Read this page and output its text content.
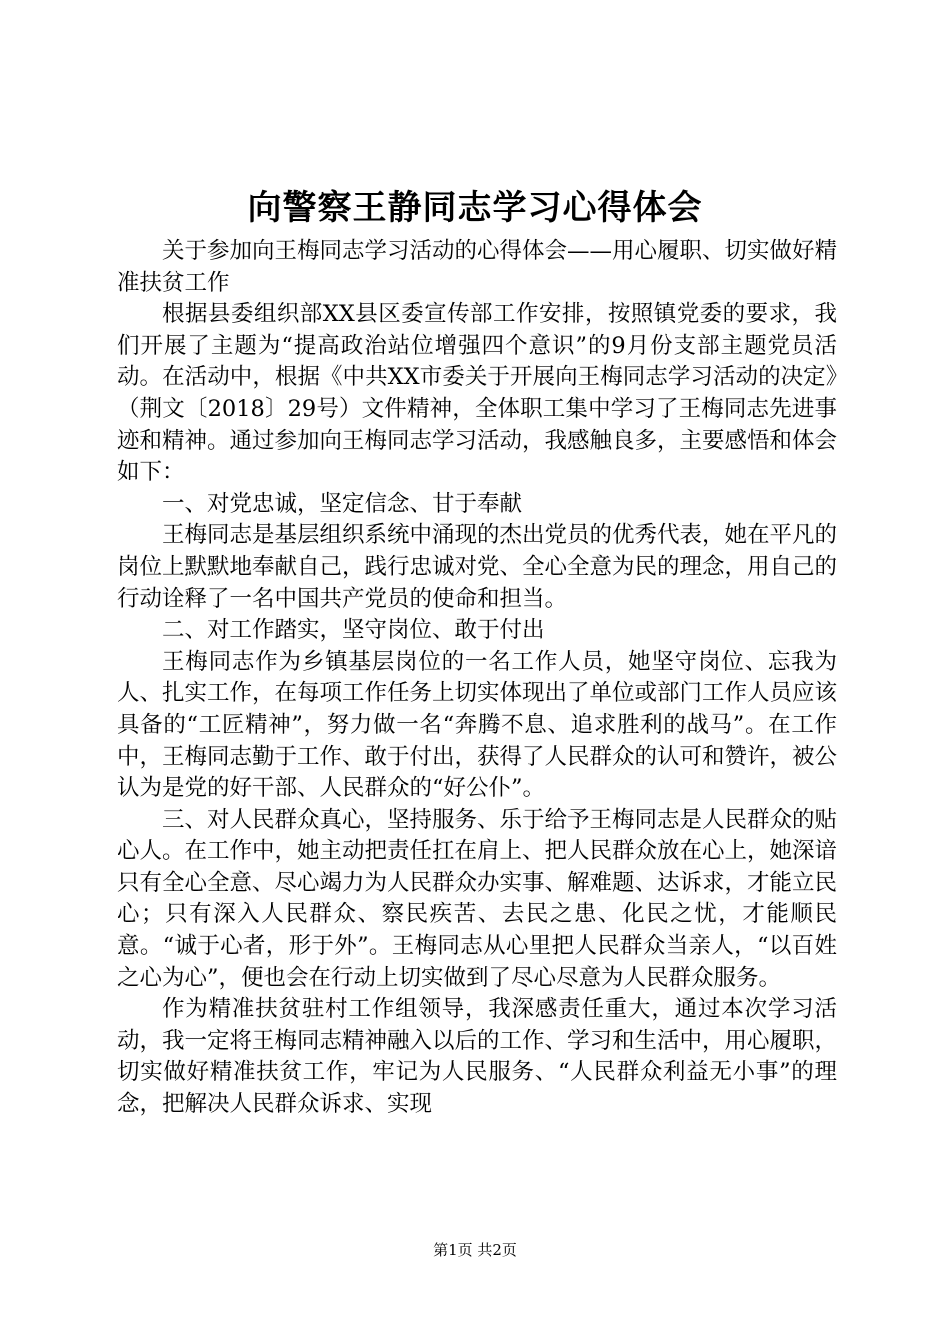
向警察王静同志学习心得体会

关于参加向王梅同志学习活动的心得体会——用心履职、切实做好精准扶贫工作

根据县委组织部XX县区委宣传部工作安排，按照镇党委的要求，我们开展了主题为“提高政治站位增强四个意识”的9月份支部主题党员活动。在活动中，根据《中共XX市委关于开展向王梅同志学习活动的决定》（荆文〔2018〕29号）文件精神，全体职工集中学习了王梅同志先进事迹和精神。通过参加向王梅同志学习活动，我感触良多，主要感悟和体会如下：

一、对党忠诚，坚定信念、甘于奉献

王梅同志是基层组织系统中涌现的杰出党员的优秀代表，她在平凡的岗位上默默地奉献自己，践行忠诚对党、全心全意为民的理念，用自己的行动诠释了一名中国共产党员的使命和担当。

二、对工作踏实，坚守岗位、敢于付出

王梅同志作为乡镇基层岗位的一名工作人员，她坚守岗位、忘我为人、扎实工作，在每项工作任务上切实体现出了单位或部门工作人员应该具备的“工匠精神”，努力做一名“奔腾不息、追求胜利的战马”。在工作中，王梅同志勤于工作、敢于付出，获得了人民群众的认可和赞许，被公认为是党的好干部、人民群众的“好公仆”。

三、对人民群众真心，坚持服务、乐于给予王梅同志是人民群众的贴心人。在工作中，她主动把责任扛在肩上、把人民群众放在心上，她深谙只有全心全意、尽心竭力为人民群众办实事、解难题、达诉求，才能立民心；只有深入人民群众、察民疾苦、去民之患、化民之忧，才能顺民意。“诚于心者，形于外”。王梅同志从心里把人民群众当亲人，“以百姓之心为心”，便也会在行动上切实做到了尽心尽意为人民群众服务。

作为精准扶贫驻村工作组领导，我深感责任重大，通过本次学习活动，我一定将王梅同志精神融入以后的工作、学习和生活中，用心履职，切实做好精准扶贫工作，牢记为人民服务、“人民群众利益无小事”的理念，把解决人民群众诉求、实现

第1页 共2页
